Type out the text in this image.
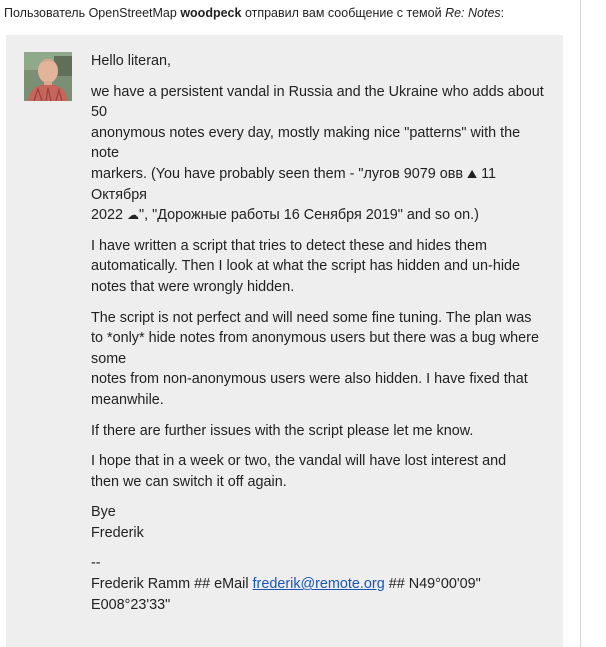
Пользователь OpenStreetMap woodpeck отправил вам сообщение с темой Re: Notes:

Hello literan,

we have a persistent vandal in Russia and the Ukraine who adds about
50
anonymous notes every day, mostly making nice "patterns" with the
note
markers. (You have probably seen them - "лугов 9079 овв ⛰ 11
Октября
2022 ☁", "Дорожные работы 16 Сенября 2019" and so on.)

I have written a script that tries to detect these and hides them
automatically. Then I look at what the script has hidden and un-hide
notes that were wrongly hidden.

The script is not perfect and will need some fine tuning. The plan was
to *only* hide notes from anonymous users but there was a bug where
some
notes from non-anonymous users were also hidden. I have fixed that
meanwhile.

If there are further issues with the script please let me know.

I hope that in a week or two, the vandal will have lost interest and
then we can switch it off again.

Bye
Frederik

--
Frederik Ramm ## eMail frederik@remote.org ## N49°00'09"
E008°23'33"
